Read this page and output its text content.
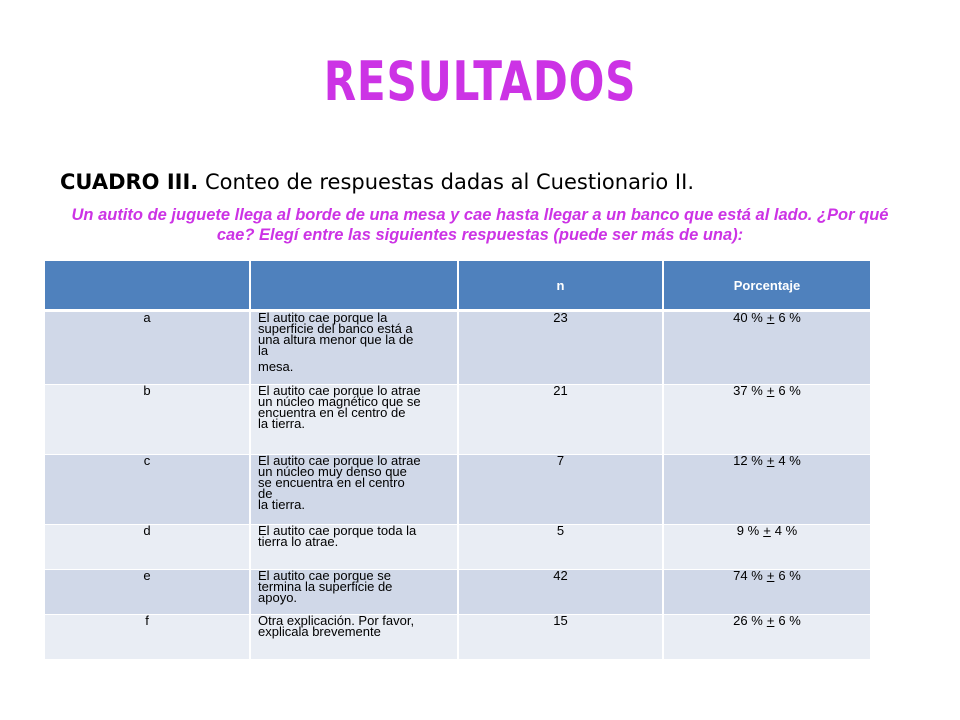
RESULTADOS
CUADRO III. Conteo de respuestas dadas al Cuestionario II.
Un autito de juguete llega al borde de una mesa y cae hasta llegar a un banco que está al lado. ¿Por qué cae? Elegí entre las siguientes respuestas (puede ser más de una):
		n	Porcentaje
a	El autito cae porque la
superficie del banco está a
una altura menor que la de
la
mesa.	23	40 % + 6 %
b	El autito cae porque lo atrae
un núcleo magnético que se
encuentra en el centro de
la tierra.	21	37 % + 6 %
c	El autito cae porque lo atrae
un núcleo muy denso que
se encuentra en el centro
de
la tierra.	7	12 % + 4 %
d	El autito cae porque toda la
tierra lo atrae.	5	9 % + 4 %
e	El autito cae porque se
termina la superficie de
apoyo.	42	74 % + 6 %
f	Otra explicación. Por favor,
explicala brevemente	15	26 % + 6 %
